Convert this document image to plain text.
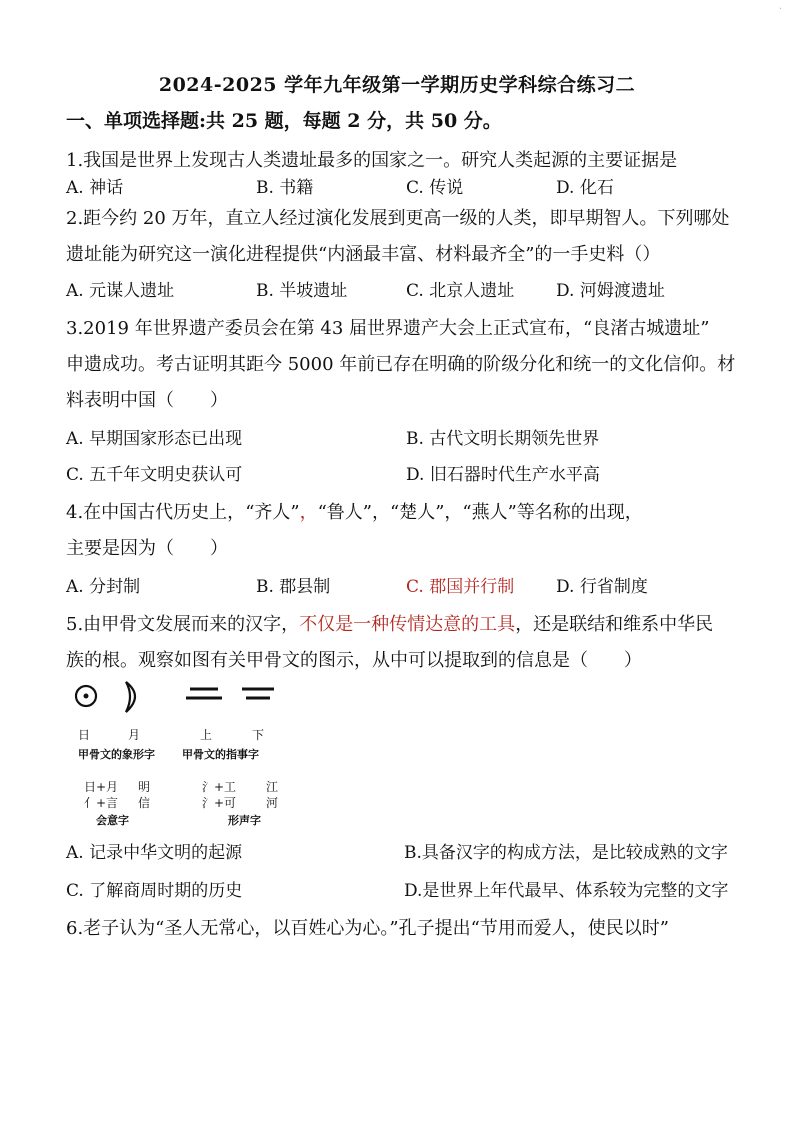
·
2024-2025 学年九年级第一学期历史学科综合练习二
一、单项选择题:共 25 题，每题 2 分，共 50 分。
1.我国是世界上发现古人类遗址最多的国家之一。研究人类起源的主要证据是
A. 神话	B. 书籍	C. 传说	D. 化石
2.距今约 20 万年，直立人经过演化发展到更高一级的人类，即早期智人。下列哪处
遗址能为研究这一演化进程提供“内涵最丰富、材料最齐全”的一手史料（）
A. 元谋人遗址	B. 半坡遗址	C. 北京人遗址 D. 河姆渡遗址
3.2019 年世界遗产委员会在第 43 届世界遗产大会上正式宣布，“良渚古城遗址”
申遗成功。考古证明其距今 5000 年前已存在明确的阶级分化和统一的文化信仰。材
料表明中国（　　）
A. 早期国家形态已出现	B. 古代文明长期领先世界
C. 五千年文明史获认可	D. 旧石器时代生产水平高
4.在中国古代历史上，“齐人”，“鲁人”，“楚人”，“燕人”等名称的出现，
主要是因为（　　）
A. 分封制	B. 郡县制	C. 郡国并行制 D. 行省制度
5.由甲骨文发展而来的汉字，不仅是一种传情达意的工具，还是联结和维系中华民
族的根。观察如图有关甲骨文的图示，从中可以提取到的信息是（　　）
日	月	上	下
甲骨文的象形字 甲骨文的指事字
日+月 明
亻+言 信
会意字
氵+工 江
氵+可 河
形声字
A. 记录中华文明的起源	B.具备汉字的构成方法，是比较成熟的文字
C. 了解商周时期的历史	D.是世界上年代最早、体系较为完整的文字
6.老子认为“圣人无常心，以百姓心为心。”孔子提出“节用而爱人，使民以时”
